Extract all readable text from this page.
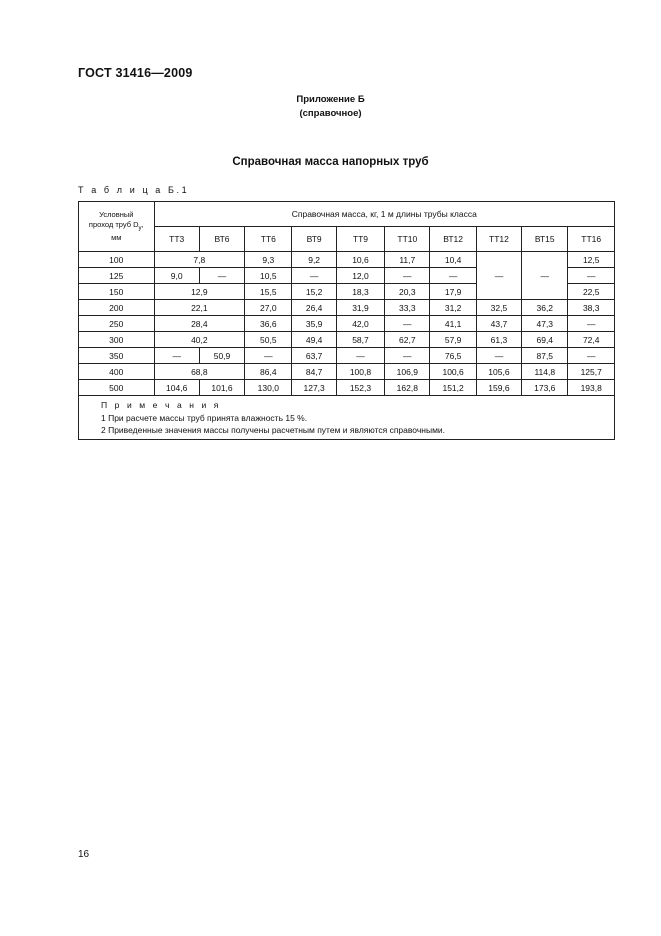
ГОСТ 31416—2009
Приложение Б
(справочное)
Справочная масса напорных труб
Т а б л и ц а Б.1
Условный
проход труб $D_у$,
мм	Справочная масса, кг, 1 м длины трубы класса									
	ТТ3	ВТ6	ТТ6	ВТ9	ТТ9	ТТ10	ВТ12	ТТ12	ВТ15	ТТ16
100	7,8		9,3	9,2	10,6	11,7	10,4	—	—	12,5
125	9,0	—	10,5	—	12,0	—	—			—
150	12,9		15,5	15,2	18,3	20,3	17,9			22,5
200	22,1		27,0	26,4	31,9	33,3	31,2	32,5	36,2	38,3
250	28,4		36,6	35,9	42,0	—	41,1	43,7	47,3	—
300	40,2		50,5	49,4	58,7	62,7	57,9	61,3	69,4	72,4
350	—	50,9	—	63,7	—	—	76,5	—	87,5	—
400	68,8		86,4	84,7	100,8	106,9	100,6	105,6	114,8	125,7
500	104,6	101,6	130,0	127,3	152,3	162,8	151,2	159,6	173,6	193,8

П р и м е ч а н и я
1 При расчете массы труб принята влажность 15 %.
2 Приведенные значения массы получены расчетным путем и являются справочными.										
16
